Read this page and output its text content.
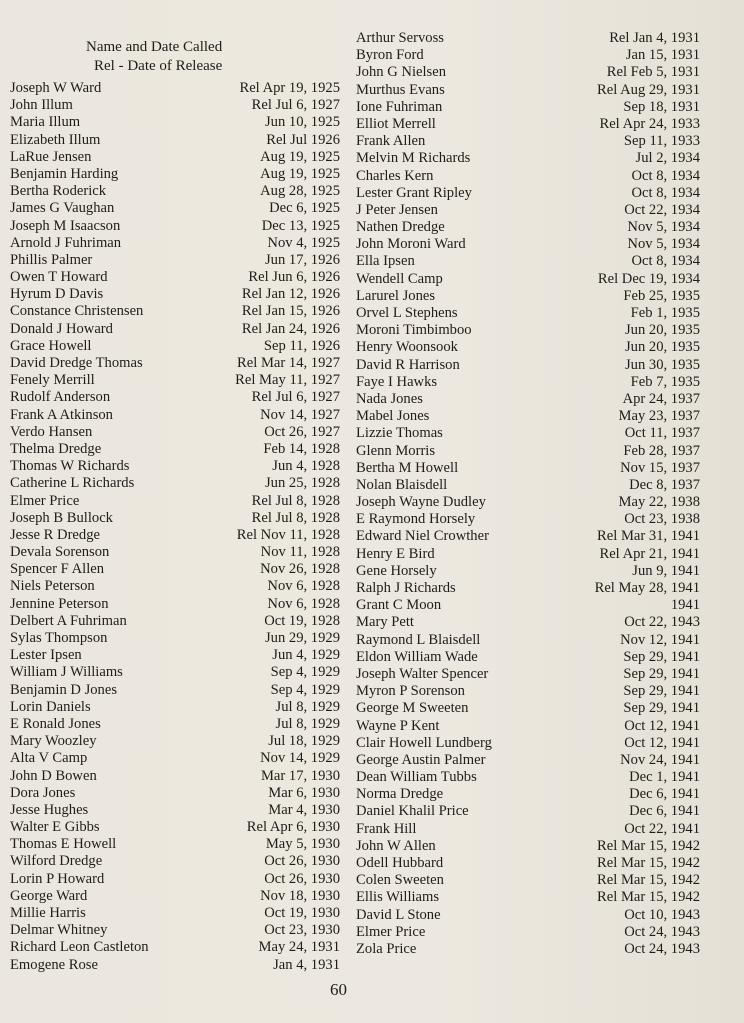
Name and Date Called
Rel - Date of Release
Joseph W Ward	Rel Apr 19, 1925
John Illum	Rel Jul 6, 1927
Maria Illum	Jun 10, 1925
Elizabeth Illum	Rel Jul 1926
LaRue Jensen	Aug 19, 1925
Benjamin Harding	Aug 19, 1925
Bertha Roderick	Aug 28, 1925
James G Vaughan	Dec 6, 1925
Joseph M Isaacson	Dec 13, 1925
Arnold J Fuhriman	Nov 4, 1925
Phillis Palmer	Jun 17, 1926
Owen T Howard	Rel Jun 6, 1926
Hyrum D Davis	Rel Jan 12, 1926
Constance Christensen	Rel Jan 15, 1926
Donald J Howard	Rel Jan 24, 1926
Grace Howell	Sep 11, 1926
David Dredge Thomas	Rel Mar 14, 1927
Fenely Merrill	Rel May 11, 1927
Rudolf Anderson	Rel Jul 6, 1927
Frank A Atkinson	Nov 14, 1927
Verdo Hansen	Oct 26, 1927
Thelma Dredge	Feb 14, 1928
Thomas W Richards	Jun 4, 1928
Catherine L Richards	Jun 25, 1928
Elmer Price	Rel Jul 8, 1928
Joseph B Bullock	Rel Jul 8, 1928
Jesse R Dredge	Rel Nov 11, 1928
Devala Sorenson	Nov 11, 1928
Spencer F Allen	Nov 26, 1928
Niels Peterson	Nov 6, 1928
Jennine Peterson	Nov 6, 1928
Delbert A Fuhriman	Oct 19, 1928
Sylas Thompson	Jun 29, 1929
Lester Ipsen	Jun 4, 1929
William J Williams	Sep 4, 1929
Benjamin D Jones	Sep 4, 1929
Lorin Daniels	Jul 8, 1929
E Ronald Jones	Jul 8, 1929
Mary Woozley	Jul 18, 1929
Alta V Camp	Nov 14, 1929
John D Bowen	Mar 17, 1930
Dora Jones	Mar 6, 1930
Jesse Hughes	Mar 4, 1930
Walter E Gibbs	Rel Apr 6, 1930
Thomas E Howell	May 5, 1930
Wilford Dredge	Oct 26, 1930
Lorin P Howard	Oct 26, 1930
George Ward	Nov 18, 1930
Millie Harris	Oct 19, 1930
Delmar Whitney	Oct 23, 1930
Richard Leon Castleton	May 24, 1931
Emogene Rose	Jan 4, 1931
Arthur Servoss	Rel Jan 4, 1931
Byron Ford	Jan 15, 1931
John G Nielsen	Rel Feb 5, 1931
Murthus Evans	Rel Aug 29, 1931
Ione Fuhriman	Sep 18, 1931
Elliot Merrell	Rel Apr 24, 1933
Frank Allen	Sep 11, 1933
Melvin M Richards	Jul 2, 1934
Charles Kern	Oct 8, 1934
Lester Grant Ripley	Oct 8, 1934
J Peter Jensen	Oct 22, 1934
Nathen Dredge	Nov 5, 1934
John Moroni Ward	Nov 5, 1934
Ella Ipsen	Oct 8, 1934
Wendell Camp	Rel Dec 19, 1934
Larurel Jones	Feb 25, 1935
Orvel L Stephens	Feb 1, 1935
Moroni Timbimboo	Jun 20, 1935
Henry Woonsook	Jun 20, 1935
David R Harrison	Jun 30, 1935
Faye I Hawks	Feb 7, 1935
Nada Jones	Apr 24, 1937
Mabel Jones	May 23, 1937
Lizzie Thomas	Oct 11, 1937
Glenn Morris	Feb 28, 1937
Bertha M Howell	Nov 15, 1937
Nolan Blaisdell	Dec 8, 1937
Joseph Wayne Dudley	May 22, 1938
E Raymond Horsely	Oct 23, 1938
Edward Niel Crowther	Rel Mar 31, 1941
Henry E Bird	Rel Apr 21, 1941
Gene Horsely	Jun 9, 1941
Ralph J Richards	Rel May 28, 1941
Grant C Moon	1941
Mary Pett	Oct 22, 1943
Raymond L Blaisdell	Nov 12, 1941
Eldon William Wade	Sep 29, 1941
Joseph Walter Spencer	Sep 29, 1941
Myron P Sorenson	Sep 29, 1941
George M Sweeten	Sep 29, 1941
Wayne P Kent	Oct 12, 1941
Clair Howell Lundberg	Oct 12, 1941
George Austin Palmer	Nov 24, 1941
Dean William Tubbs	Dec 1, 1941
Norma Dredge	Dec 6, 1941
Daniel Khalil Price	Dec 6, 1941
Frank Hill	Oct 22, 1941
John W Allen	Rel Mar 15, 1942
Odell Hubbard	Rel Mar 15, 1942
Colen Sweeten	Rel Mar 15, 1942
Ellis Williams	Rel Mar 15, 1942
David L Stone	Oct 10, 1943
Elmer Price	Oct 24, 1943
Zola Price	Oct 24, 1943
60
